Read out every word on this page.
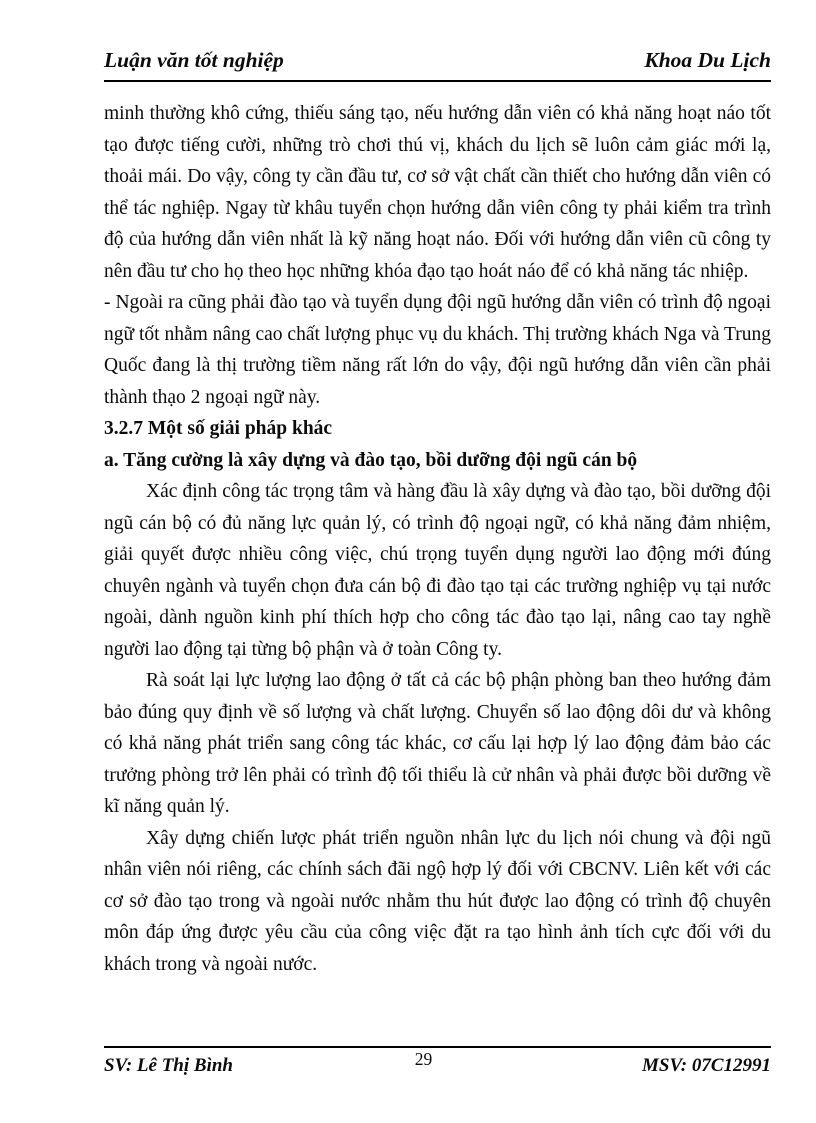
Luận văn tốt nghiệp	Khoa Du Lịch

minh thường khô cứng, thiếu sáng tạo, nếu hướng dẫn viên có khả năng hoạt náo tốt tạo được tiếng cười, những trò chơi thú vị, khách du lịch sẽ luôn cảm giác mới lạ, thoải mái. Do vậy, công ty cần đầu tư, cơ sở vật chất cần thiết cho hướng dẫn viên có thể tác nghiệp. Ngay từ khâu tuyển chọn hướng dẫn viên công ty phải kiểm tra trình độ của hướng dẫn viên nhất là kỹ năng hoạt náo. Đối với hướng dẫn viên cũ công ty nên đầu tư cho họ theo học những khóa đạo tạo hoát náo để có khả năng tác nhiệp.

- Ngoài ra cũng phải đào tạo và tuyển dụng đội ngũ hướng dẫn viên có trình độ ngoại ngữ tốt nhằm nâng cao chất lượng phục vụ du khách. Thị trường khách Nga và Trung Quốc đang là thị trường tiềm năng rất lớn do vậy, đội ngũ hướng dẫn viên cần phải thành thạo 2 ngoại ngữ này.

3.2.7 Một số giải pháp khác

a. Tăng cường là xây dựng và đào tạo, bồi dưỡng đội ngũ cán bộ

Xác định công tác trọng tâm và hàng đầu là xây dựng và đào tạo, bồi dưỡng đội ngũ cán bộ có đủ năng lực quản lý, có trình độ ngoại ngữ, có khả năng đảm nhiệm, giải quyết được nhiều công việc, chú trọng tuyển dụng người lao động mới đúng chuyên ngành và tuyển chọn đưa cán bộ đi đào tạo tại các trường nghiệp vụ tại nước ngoài, dành nguồn kinh phí thích hợp cho công tác đào tạo lại, nâng cao tay nghề người lao động tại từng bộ phận và ở toàn Công ty.

Rà soát lại lực lượng lao động ở tất cả các bộ phận phòng ban theo hướng đảm bảo đúng quy định về số lượng và chất lượng. Chuyển số lao động dôi dư và không có khả năng phát triển sang công tác khác, cơ cấu lại hợp lý lao động đảm bảo các trưởng phòng trở lên phải có trình độ tối thiểu là cử nhân và phải được bồi dưỡng về kĩ năng quản lý.

Xây dựng chiến lược phát triển nguồn nhân lực du lịch nói chung và đội ngũ nhân viên nói riêng, các chính sách đãi ngộ hợp lý đối với CBCNV. Liên kết với các cơ sở đào tạo trong và ngoài nước nhằm thu hút được lao động có trình độ chuyên môn đáp ứng được yêu cầu của công việc đặt ra tạo hình ảnh tích cực đối với du khách trong và ngoài nước.

SV: Lê Thị Bình	29	MSV: 07C12991
